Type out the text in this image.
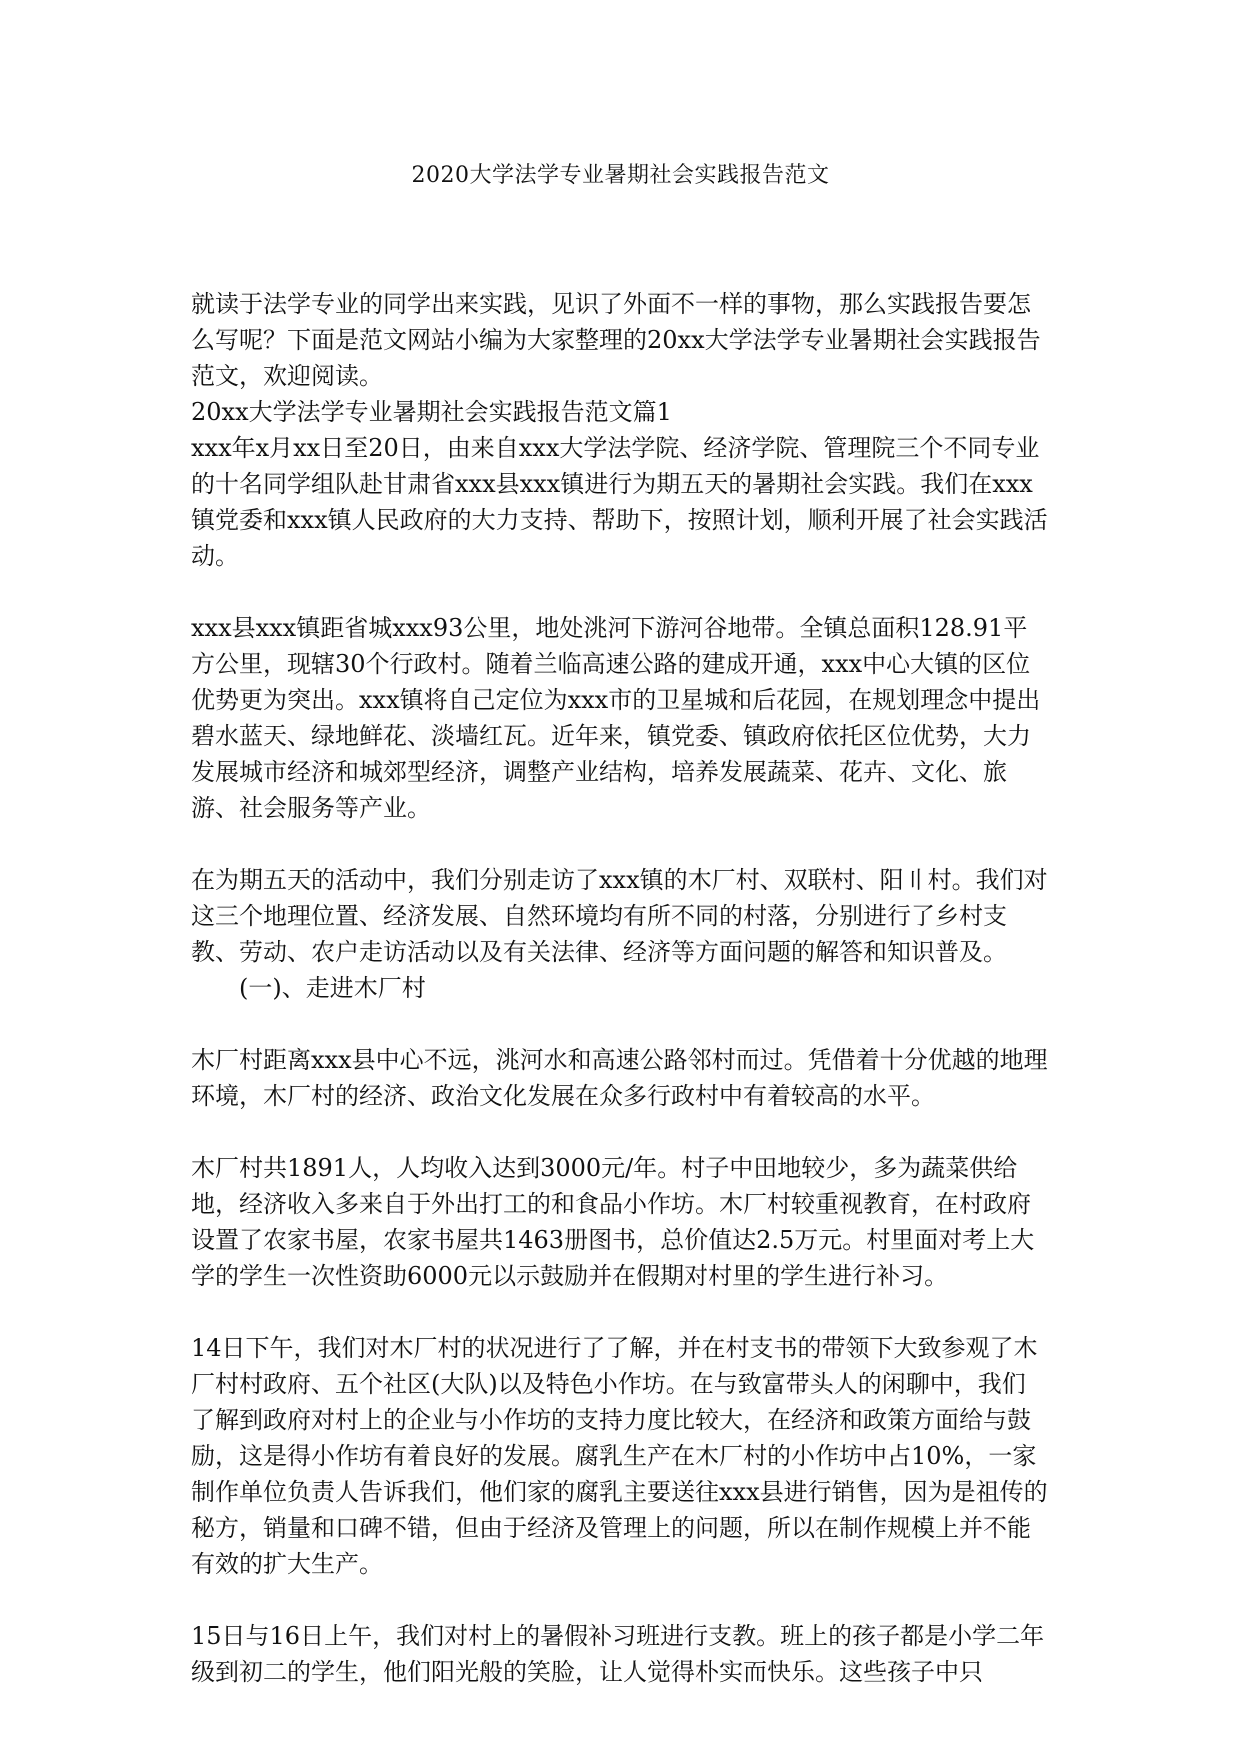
2020大学法学专业暑期社会实践报告范文

就读于法学专业的同学出来实践，见识了外面不一样的事物，那么实践报告要怎么写呢？下面是范文网站小编为大家整理的20xx大学法学专业暑期社会实践报告范文，欢迎阅读。

20xx大学法学专业暑期社会实践报告范文篇1

xxx年x月xx日至20日，由来自xxx大学法学院、经济学院、管理院三个不同专业的十名同学组队赴甘肃省xxx县xxx镇进行为期五天的暑期社会实践。我们在xxx镇党委和xxx镇人民政府的大力支持、帮助下，按照计划，顺利开展了社会实践活动。

xxx县xxx镇距省城xxx93公里，地处洮河下游河谷地带。全镇总面积128.91平方公里，现辖30个行政村。随着兰临高速公路的建成开通，xxx中心大镇的区位优势更为突出。xxx镇将自己定位为xxx市的卫星城和后花园，在规划理念中提出碧水蓝天、绿地鲜花、淡墙红瓦。近年来，镇党委、镇政府依托区位优势，大力发展城市经济和城郊型经济，调整产业结构，培养发展蔬菜、花卉、文化、旅游、社会服务等产业。

在为期五天的活动中，我们分别走访了xxx镇的木厂村、双联村、阳〢村。我们对这三个地理位置、经济发展、自然环境均有所不同的村落，分别进行了乡村支教、劳动、农户走访活动以及有关法律、经济等方面问题的解答和知识普及。

(一)、走进木厂村

木厂村距离xxx县中心不远，洮河水和高速公路邻村而过。凭借着十分优越的地理环境，木厂村的经济、政治文化发展在众多行政村中有着较高的水平。

木厂村共1891人，人均收入达到3000元/年。村子中田地较少，多为蔬菜供给地，经济收入多来自于外出打工的和食品小作坊。木厂村较重视教育，在村政府设置了农家书屋，农家书屋共1463册图书，总价值达2.5万元。村里面对考上大学的学生一次性资助6000元以示鼓励并在假期对村里的学生进行补习。

14日下午，我们对木厂村的状况进行了了解，并在村支书的带领下大致参观了木厂村村政府、五个社区(大队)以及特色小作坊。在与致富带头人的闲聊中，我们了解到政府对村上的企业与小作坊的支持力度比较大，在经济和政策方面给与鼓励，这是得小作坊有着良好的发展。腐乳生产在木厂村的小作坊中占10%，一家制作单位负责人告诉我们，他们家的腐乳主要送往xxx县进行销售，因为是祖传的秘方，销量和口碑不错，但由于经济及管理上的问题，所以在制作规模上并不能有效的扩大生产。

15日与16日上午，我们对村上的暑假补习班进行支教。班上的孩子都是小学二年级到初二的学生，他们阳光般的笑脸，让人觉得朴实而快乐。这些孩子中只
